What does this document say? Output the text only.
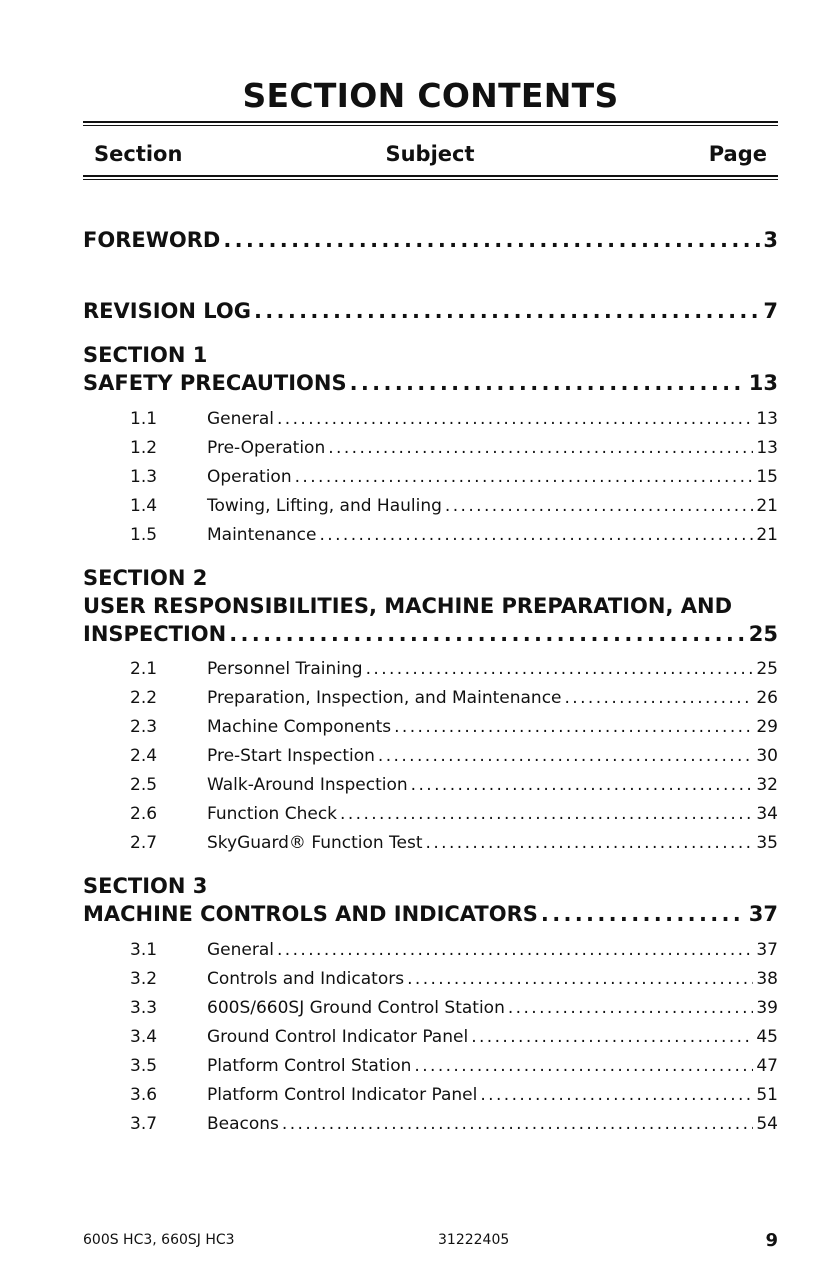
SECTION CONTENTS
Section	Subject	Page
FOREWORD . . .	3
REVISION LOG . . .	7
SECTION 1
SAFETY PRECAUTIONS . . .	13
1.1	General . . .	13
1.2	Pre-Operation . . .	13
1.3	Operation . . .	15
1.4	Towing, Lifting, and Hauling . . .	21
1.5	Maintenance . . .	21
SECTION 2
USER RESPONSIBILITIES, MACHINE PREPARATION, AND
INSPECTION . . .	25
2.1	Personnel Training . . .	25
2.2	Preparation, Inspection, and Maintenance . . .	26
2.3	Machine Components . . .	29
2.4	Pre-Start Inspection . . .	30
2.5	Walk-Around Inspection . . .	32
2.6	Function Check . . .	34
2.7	SkyGuard® Function Test . . .	35
SECTION 3
MACHINE CONTROLS AND INDICATORS . . .	37
3.1	General . . .	37
3.2	Controls and Indicators . . .	38
3.3	600S/660SJ Ground Control Station . . .	39
3.4	Ground Control Indicator Panel . . .	45
3.5	Platform Control Station . . .	47
3.6	Platform Control Indicator Panel . . .	51
3.7	Beacons . . .	54
600S HC3, 660SJ HC3	31222405	9
